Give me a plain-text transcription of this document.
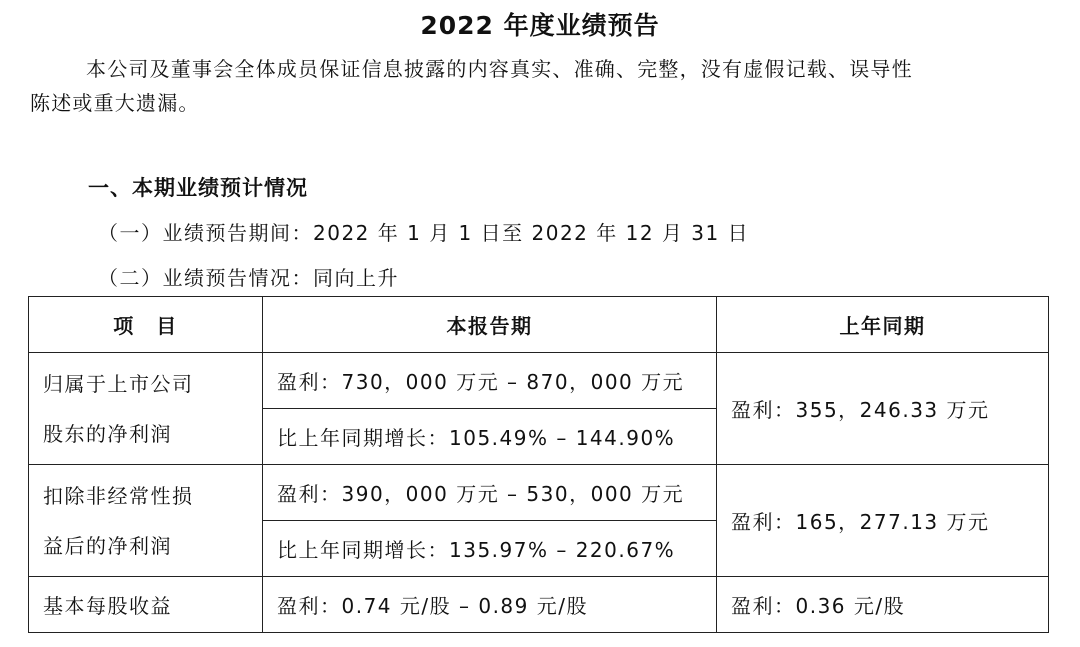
2022 年度业绩预告
本公司及董事会全体成员保证信息披露的内容真实、准确、完整，没有虚假记载、误导性
陈述或重大遗漏。
一、本期业绩预计情况
（一）业绩预告期间：2022 年 1 月 1 日至 2022 年 12 月 31 日
（二）业绩预告情况：同向上升
项　目	本报告期	上年同期

归属于上市公司
股东的净利润	盈利：730，000 万元 – 870，000 万元	盈利：355，246.33 万元
	比上年同期增长：105.49% – 144.90%	

扣除非经常性损
益后的净利润	盈利：390，000 万元 – 530，000 万元	盈利：165，277.13 万元
	比上年同期增长：135.97% – 220.67%	
基本每股收益	盈利：0.74 元/股 – 0.89 元/股	盈利：0.36 元/股
